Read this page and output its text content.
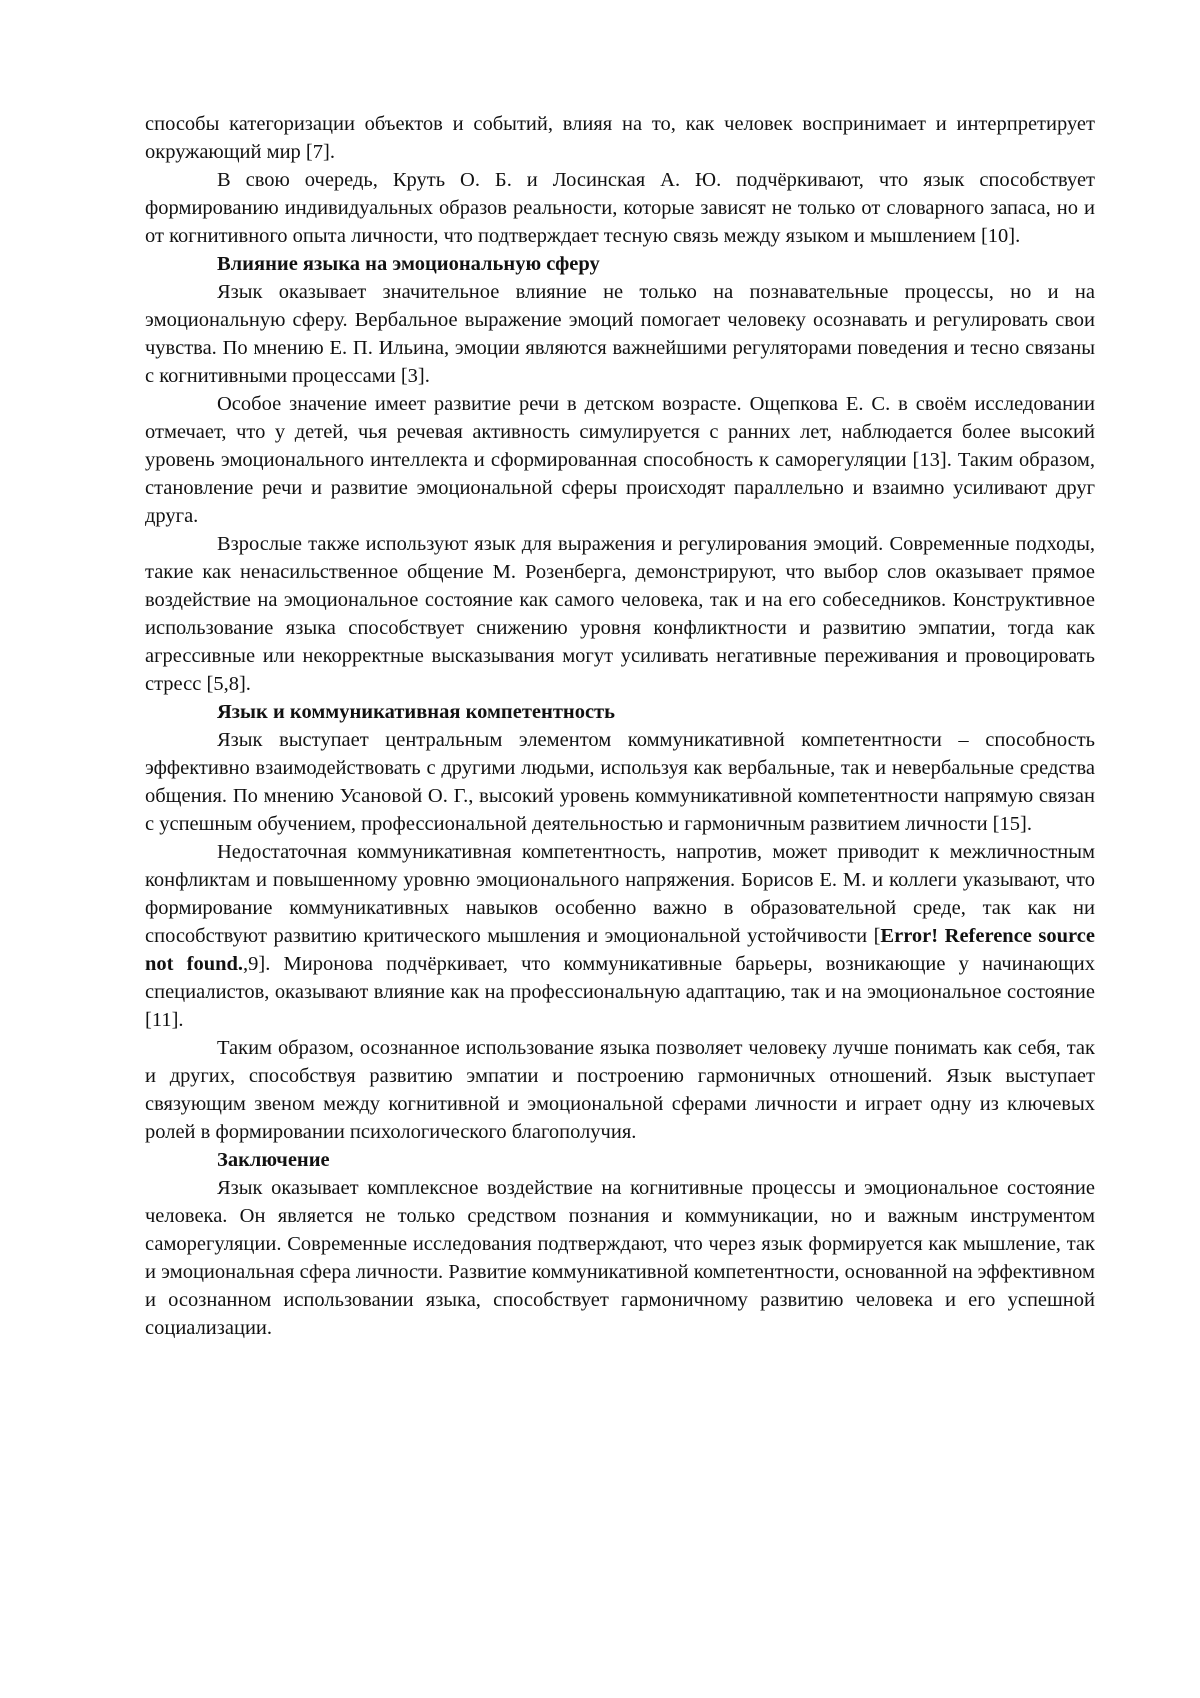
способы категоризации объектов и событий, влияя на то, как человек воспринимает и интерпретирует окружающий мир [7].

В свою очередь, Круть О. Б. и Лосинская А. Ю. подчёркивают, что язык способствует формированию индивидуальных образов реальности, которые зависят не только от словарного запаса, но и от когнитивного опыта личности, что подтверждает тесную связь между языком и мышлением [10].

Влияние языка на эмоциональную сферу

Язык оказывает значительное влияние не только на познавательные процессы, но и на эмоциональную сферу. Вербальное выражение эмоций помогает человеку осознавать и регулировать свои чувства. По мнению Е. П. Ильина, эмоции являются важнейшими регуляторами поведения и тесно связаны с когнитивными процессами [3].

Особое значение имеет развитие речи в детском возрасте. Ощепкова Е. С. в своём исследовании отмечает, что у детей, чья речевая активность симулируется с ранних лет, наблюдается более высокий уровень эмоционального интеллекта и сформированная способность к саморегуляции [13]. Таким образом, становление речи и развитие эмоциональной сферы происходят параллельно и взаимно усиливают друг друга.

Взрослые также используют язык для выражения и регулирования эмоций. Современные подходы, такие как ненасильственное общение М. Розенберга, демонстрируют, что выбор слов оказывает прямое воздействие на эмоциональное состояние как самого человека, так и на его собеседников. Конструктивное использование языка способствует снижению уровня конфликтности и развитию эмпатии, тогда как агрессивные или некорректные высказывания могут усиливать негативные переживания и провоцировать стресс [5,8].

Язык и коммуникативная компетентность

Язык выступает центральным элементом коммуникативной компетентности – способность эффективно взаимодействовать с другими людьми, используя как вербальные, так и невербальные средства общения. По мнению Усановой О. Г., высокий уровень коммуникативной компетентности напрямую связан с успешным обучением, профессиональной деятельностью и гармоничным развитием личности [15].

Недостаточная коммуникативная компетентность, напротив, может приводит к межличностным конфликтам и повышенному уровню эмоционального напряжения. Борисов Е. М. и коллеги указывают, что формирование коммуникативных навыков особенно важно в образовательной среде, так как ни способствуют развитию критического мышления и эмоциональной устойчивости [Error! Reference source not found.,9]. Миронова подчёркивает, что коммуникативные барьеры, возникающие у начинающих специалистов, оказывают влияние как на профессиональную адаптацию, так и на эмоциональное состояние [11].

Таким образом, осознанное использование языка позволяет человеку лучше понимать как себя, так и других, способствуя развитию эмпатии и построению гармоничных отношений. Язык выступает связующим звеном между когнитивной и эмоциональной сферами личности и играет одну из ключевых ролей в формировании психологического благополучия.

Заключение

Язык оказывает комплексное воздействие на когнитивные процессы и эмоциональное состояние человека. Он является не только средством познания и коммуникации, но и важным инструментом саморегуляции. Современные исследования подтверждают, что через язык формируется как мышление, так и эмоциональная сфера личности. Развитие коммуникативной компетентности, основанной на эффективном и осознанном использовании языка, способствует гармоничному развитию человека и его успешной социализации.
